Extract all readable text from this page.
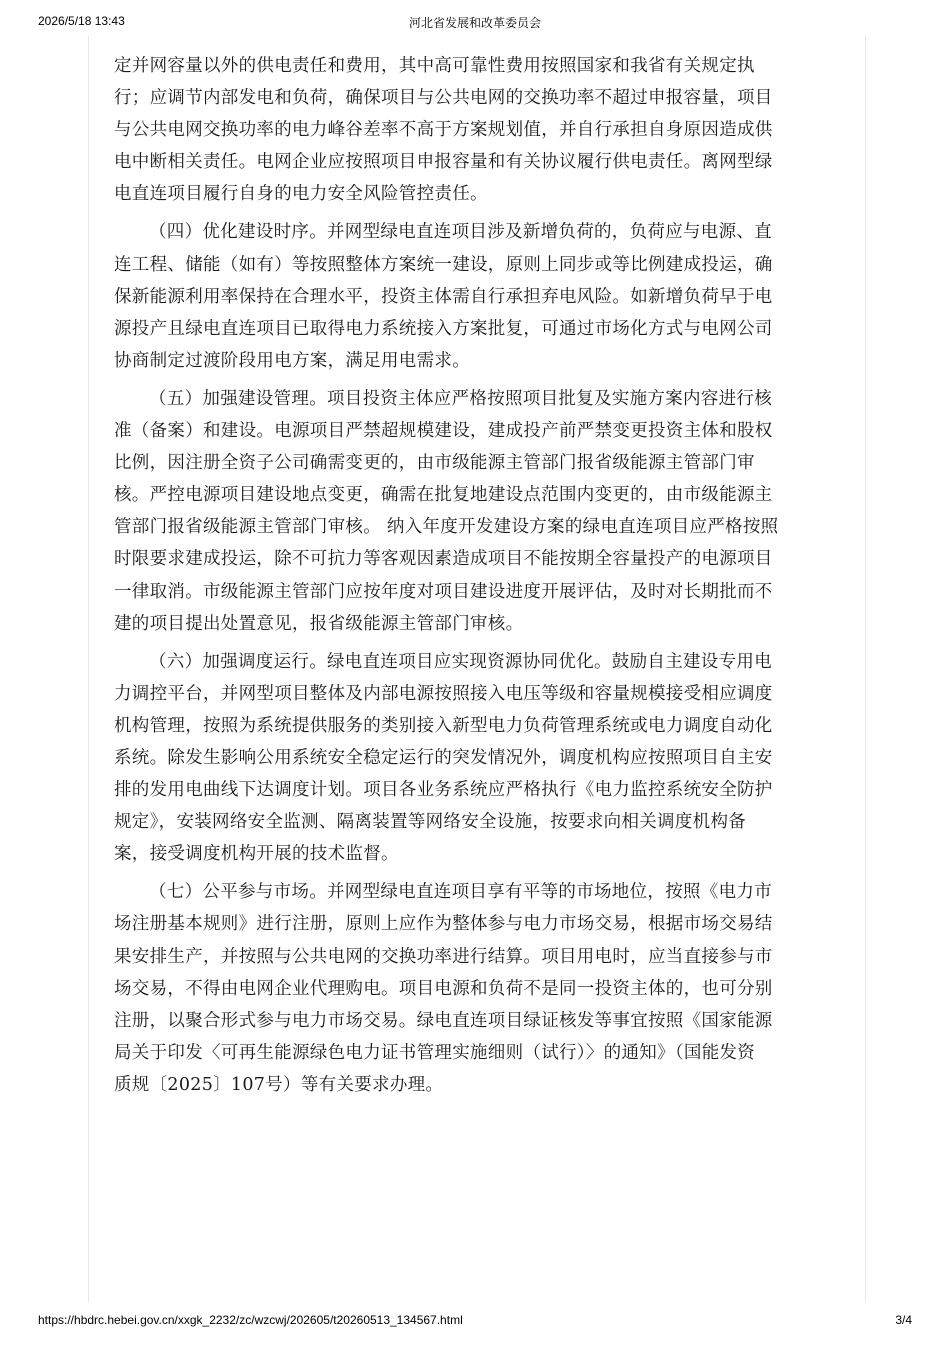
2026/5/18 13:43	河北省发展和改革委员会

定并网容量以外的供电责任和费用，其中高可靠性费用按照国家和我省有关规定执
行；应调节内部发电和负荷，确保项目与公共电网的交换功率不超过申报容量，项目
与公共电网交换功率的电力峰谷差率不高于方案规划值，并自行承担自身原因造成供
电中断相关责任。电网企业应按照项目申报容量和有关协议履行供电责任。离网型绿
电直连项目履行自身的电力安全风险管控责任。

（四）优化建设时序。并网型绿电直连项目涉及新增负荷的，负荷应与电源、直
连工程、储能（如有）等按照整体方案统一建设，原则上同步或等比例建成投运，确
保新能源利用率保持在合理水平，投资主体需自行承担弃电风险。如新增负荷早于电
源投产且绿电直连项目已取得电力系统接入方案批复，可通过市场化方式与电网公司
协商制定过渡阶段用电方案，满足用电需求。

（五）加强建设管理。项目投资主体应严格按照项目批复及实施方案内容进行核
准（备案）和建设。电源项目严禁超规模建设，建成投产前严禁变更投资主体和股权
比例，因注册全资子公司确需变更的，由市级能源主管部门报省级能源主管部门审
核。严控电源项目建设地点变更，确需在批复地建设点范围内变更的，由市级能源主
管部门报省级能源主管部门审核。 纳入年度开发建设方案的绿电直连项目应严格按照
时限要求建成投运，除不可抗力等客观因素造成项目不能按期全容量投产的电源项目
一律取消。市级能源主管部门应按年度对项目建设进度开展评估，及时对长期批而不
建的项目提出处置意见，报省级能源主管部门审核。

（六）加强调度运行。绿电直连项目应实现资源协同优化。鼓励自主建设专用电
力调控平台，并网型项目整体及内部电源按照接入电压等级和容量规模接受相应调度
机构管理，按照为系统提供服务的类别接入新型电力负荷管理系统或电力调度自动化
系统。除发生影响公用系统安全稳定运行的突发情况外，调度机构应按照项目自主安
排的发用电曲线下达调度计划。项目各业务系统应严格执行《电力监控系统安全防护
规定》，安装网络安全监测、隔离装置等网络安全设施，按要求向相关调度机构备
案，接受调度机构开展的技术监督。

（七）公平参与市场。并网型绿电直连项目享有平等的市场地位，按照《电力市
场注册基本规则》进行注册，原则上应作为整体参与电力市场交易，根据市场交易结
果安排生产，并按照与公共电网的交换功率进行结算。项目用电时，应当直接参与市
场交易，不得由电网企业代理购电。项目电源和负荷不是同一投资主体的，也可分别
注册，以聚合形式参与电力市场交易。绿电直连项目绿证核发等事宜按照《国家能源
局关于印发〈可再生能源绿色电力证书管理实施细则（试行）〉的通知》（国能发资
质规〔2025〕107号）等有关要求办理。

https://hbdrc.hebei.gov.cn/xxgk_2232/zc/wzcwj/202605/t20260513_134567.html	3/4
